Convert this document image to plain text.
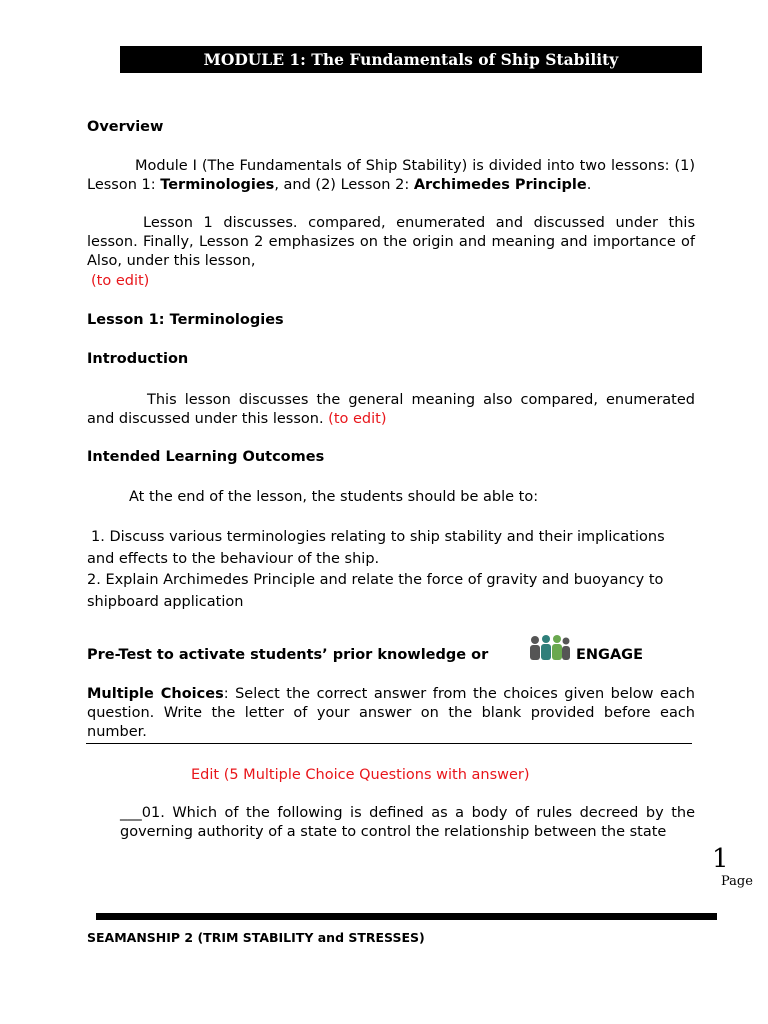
MODULE 1: The Fundamentals of Ship Stability
Overview
Module I (The Fundamentals of Ship Stability) is divided into two lessons: (1) Lesson 1: Terminologies, and (2) Lesson 2: Archimedes Principle.
Lesson 1 discusses. compared, enumerated and discussed under this lesson. Finally, Lesson 2 emphasizes on the origin and meaning and importance of Also, under this lesson,
(to edit)
Lesson 1: Terminologies
Introduction
This lesson discusses the general meaning also compared, enumerated and discussed under this lesson. (to edit)
Intended Learning Outcomes
At the end of the lesson, the students should be able to:
1. Discuss various terminologies relating to ship stability and their implications and effects to the behaviour of the ship.
2. Explain Archimedes Principle and relate the force of gravity and buoyancy to shipboard application
Pre-Test to activate students’ prior knowledge or	ENGAGE
Multiple Choices: Select the correct answer from the choices given below each question. Write the letter of your answer on the blank provided before each number.
Edit (5 Multiple Choice Questions with answer)
___01. Which of the following is defined as a body of rules decreed by the governing authority of a state to control the relationship between the state
1
Page
SEAMANSHIP 2 (TRIM STABILITY and STRESSES)
